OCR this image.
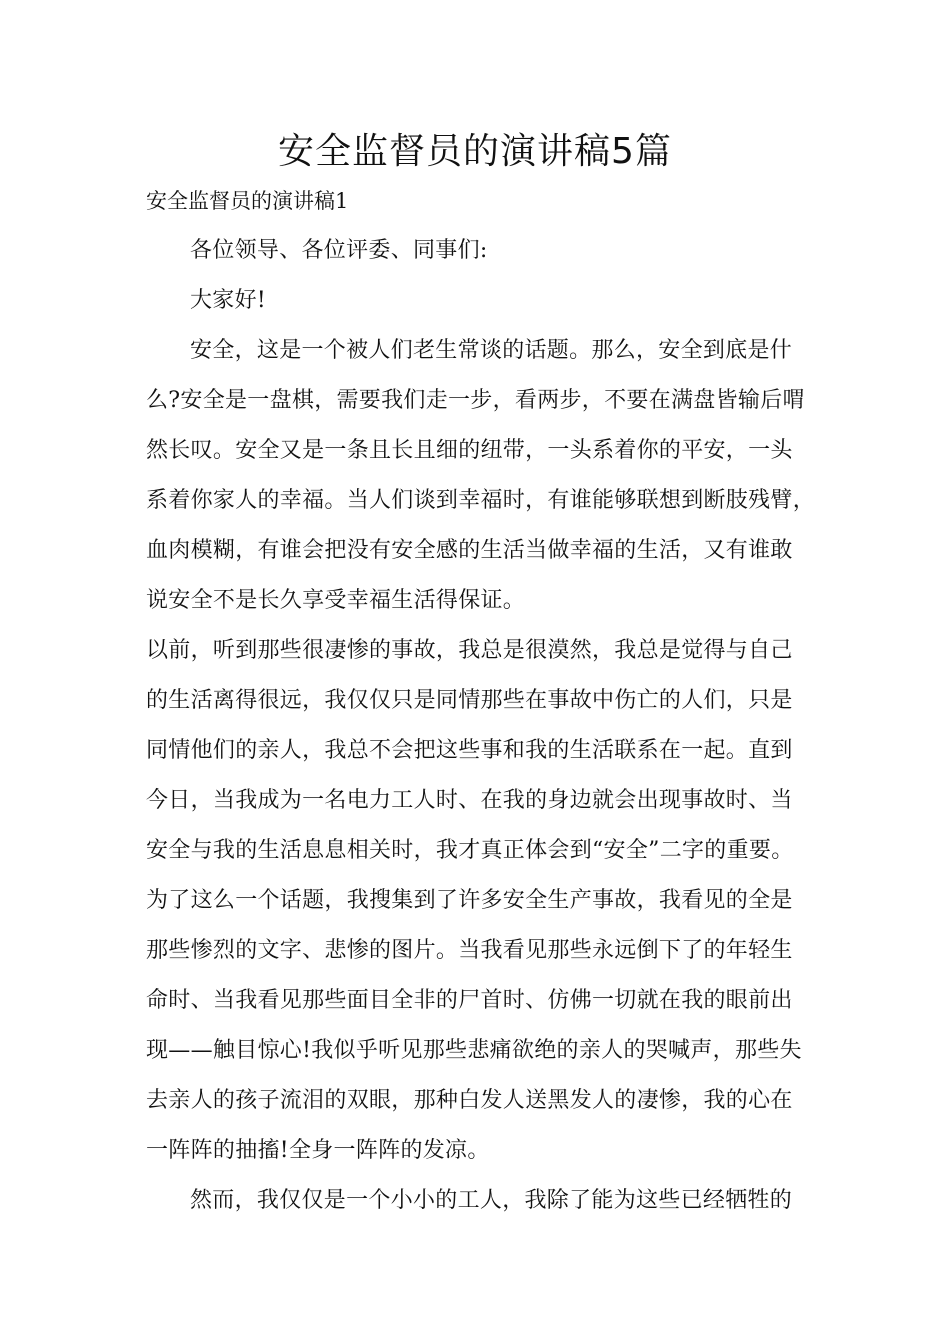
安全监督员的演讲稿5篇
安全监督员的演讲稿1
各位领导、各位评委、同事们:
大家好!
安全，这是一个被人们老生常谈的话题。那么，安全到底是什
么?安全是一盘棋，需要我们走一步，看两步，不要在满盘皆输后喟
然长叹。安全又是一条且长且细的纽带，一头系着你的平安，一头
系着你家人的幸福。当人们谈到幸福时，有谁能够联想到断肢残臂，
血肉模糊，有谁会把没有安全感的生活当做幸福的生活，又有谁敢
说安全不是长久享受幸福生活得保证。
以前，听到那些很凄惨的事故，我总是很漠然，我总是觉得与自己
的生活离得很远，我仅仅只是同情那些在事故中伤亡的人们，只是
同情他们的亲人，我总不会把这些事和我的生活联系在一起。直到
今日，当我成为一名电力工人时、在我的身边就会出现事故时、当
安全与我的生活息息相关时，我才真正体会到“安全”二字的重要。
为了这么一个话题，我搜集到了许多安全生产事故，我看见的全是
那些惨烈的文字、悲惨的图片。当我看见那些永远倒下了的年轻生
命时、当我看见那些面目全非的尸首时、仿佛一切就在我的眼前出
现——触目惊心!我似乎听见那些悲痛欲绝的亲人的哭喊声，那些失
去亲人的孩子流泪的双眼，那种白发人送黑发人的凄惨，我的心在
一阵阵的抽搐!全身一阵阵的发凉。
然而，我仅仅是一个小小的工人，我除了能为这些已经牺牲的
